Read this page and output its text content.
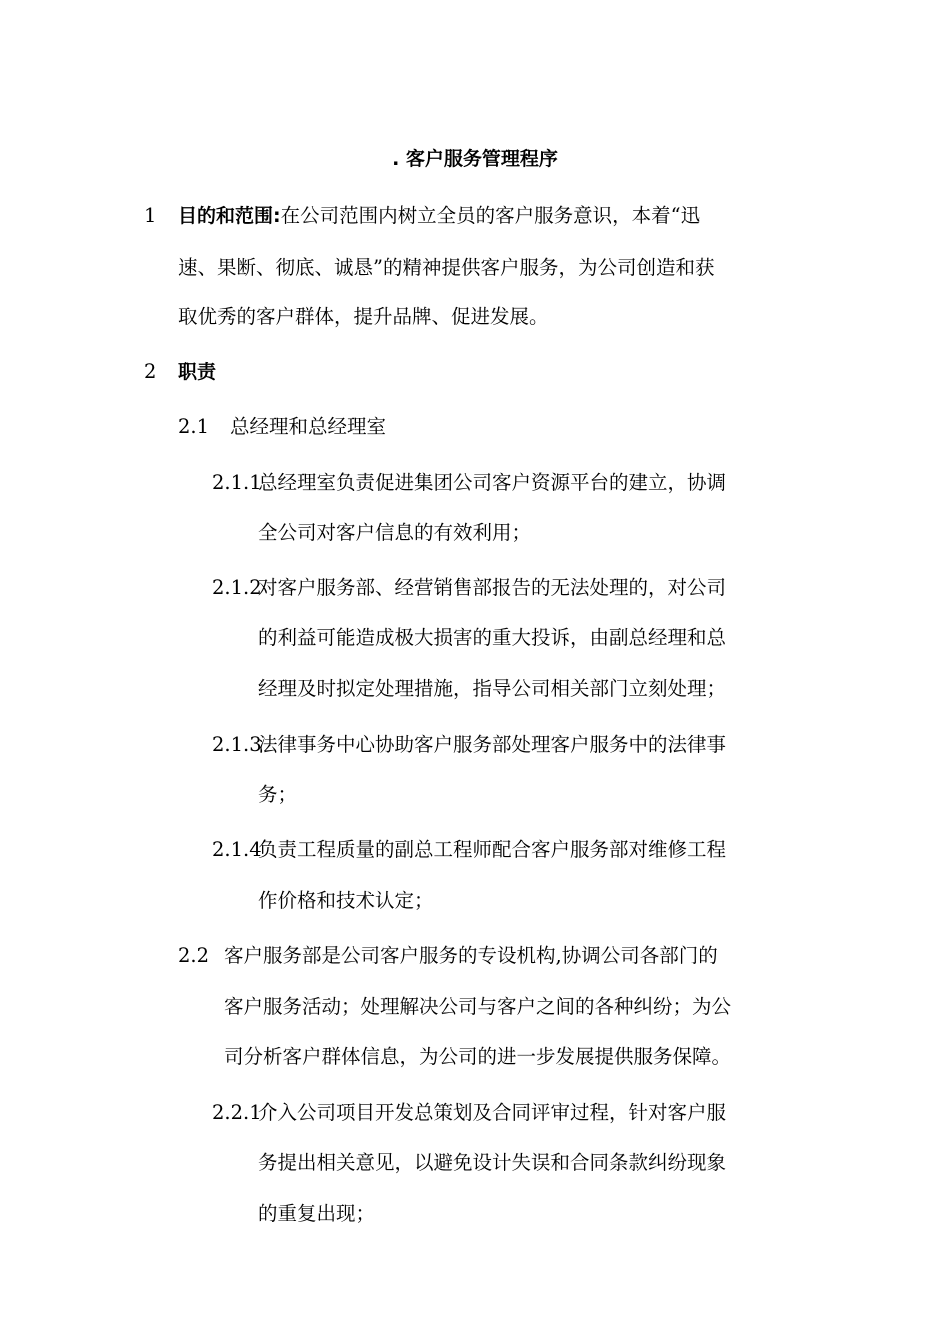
. 客户服务管理程序
1 目的和范围:在公司范围内树立全员的客户服务意识，本着“迅
速、果断、彻底、诚恳”的精神提供客户服务，为公司创造和获
取优秀的客户群体，提升品牌、促进发展。
2 职责
2.1 总经理和总经理室
2.1.1
总经理室负责促进集团公司客户资源平台的建立，协调
全公司对客户信息的有效利用；
2.1.2
对客户服务部、经营销售部报告的无法处理的，对公司
的利益可能造成极大损害的重大投诉，由副总经理和总
经理及时拟定处理措施，指导公司相关部门立刻处理；
2.1.3
法律事务中心协助客户服务部处理客户服务中的法律事
务；
2.1.4
负责工程质量的副总工程师配合客户服务部对维修工程
作价格和技术认定；
2.2 客户服务部是公司客户服务的专设机构,协调公司各部门的
客户服务活动；处理解决公司与客户之间的各种纠纷；为公
司分析客户群体信息，为公司的进一步发展提供服务保障。
2.2.1
介入公司项目开发总策划及合同评审过程，针对客户服
务提出相关意见，以避免设计失误和合同条款纠纷现象
的重复出现；
